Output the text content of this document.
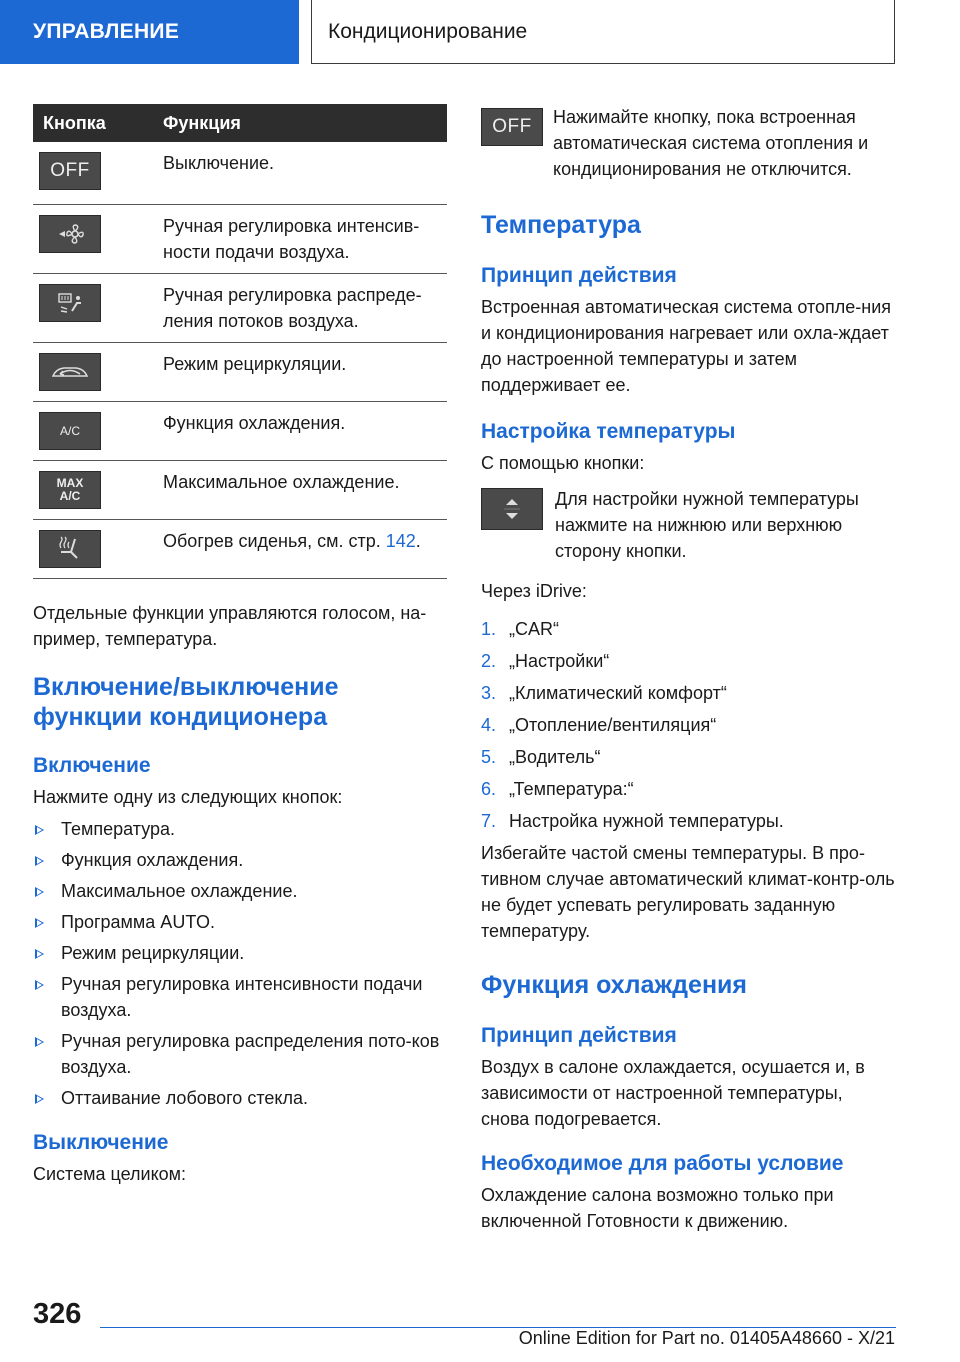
УПРАВЛЕНИЕ	Кондиционирование
Кнопка	Функция

OFF	Выключение.

	Ручная регулировка интенсив-ности подачи воздуха.

	Ручная регулировка распреде-ления потоков воздуха.

	Режим рециркуляции.

A/C	Функция охлаждения.

MAX
A/C	Максимальное охлаждение.

	Обогрев сиденья, см. стр. 142.

Отдельные функции управляются голосом, на-пример, температура.

Включение/выключение функции кондиционера
Включение

Нажмите одну из следующих кнопок:

Температура.
Функция охлаждения.
Максимальное охлаждение.
Программа AUTO.
Режим рециркуляции.
Ручная регулировка интенсивности подачи воздуха.
Ручная регулировка распределения пото-ков воздуха.
Оттаивание лобового стекла.
Выключение

Система целиком:

OFF	Нажимайте кнопку, пока встроенная автоматическая система отопления и кондиционирования не отключится.

Температура
Принцип действия

Встроенная автоматическая система отопле-ния и кондиционирования нагревает или охла-ждает до настроенной температуры и затем поддерживает ее.

Настройка температуры

С помощью кнопки:

Для настройки нужной температуры нажмите на нижнюю или верхнюю сторону кнопки.

Через iDrive:

1. „CAR“
2. „Настройки“
3. „Климатический комфорт“
4. „Отопление/вентиляция“
5. „Водитель“
6. „Температура:“
7. Настройка нужной температуры.

Избегайте частой смены температуры. В про-тивном случае автоматический климат-контр-оль не будет успевать регулировать заданную температуру.

Функция охлаждения
Принцип действия

Воздух в салоне охлаждается, осушается и, в зависимости от настроенной температуры, снова подогревается.

Необходимое для работы условие

Охлаждение салона возможно только при включенной Готовности к движению.

326
Online Edition for Part no. 01405A48660 - X/21
